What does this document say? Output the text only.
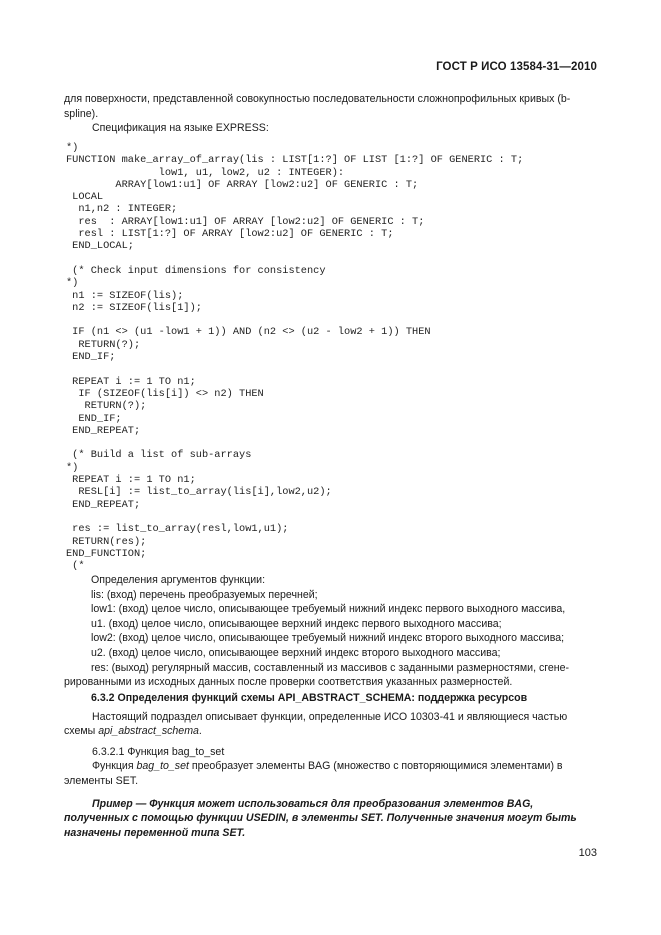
ГОСТ Р ИСО 13584-31—2010

для поверхности, представленной совокупностью последовательности сложнопрофильных кривых (b-spline).

Спецификация на языке EXPRESS:

*)
FUNCTION make_array_of_array(lis : LIST[1:?] OF LIST [1:?] OF GENERIC : T;
low1, u1, low2, u2 : INTEGER):
ARRAY[low1:u1] OF ARRAY [low2:u2] OF GENERIC : T;
LOCAL
n1,n2 : INTEGER;
res  : ARRAY[low1:u1] OF ARRAY [low2:u2] OF GENERIC : T;
resl : LIST[1:?] OF ARRAY [low2:u2] OF GENERIC : T;
END_LOCAL;

(* Check input dimensions for consistency
*)
n1 := SIZEOF(lis);
n2 := SIZEOF(lis[1]);

IF (n1 <> (u1 -low1 + 1)) AND (n2 <> (u2 - low2 + 1)) THEN
RETURN(?);
END_IF;

REPEAT i := 1 TO n1;
IF (SIZEOF(lis[i]) <> n2) THEN
RETURN(?);
END_IF;
END_REPEAT;

(* Build a list of sub-arrays
*)
REPEAT i := 1 TO n1;
RESL[i] := list_to_array(lis[i],low2,u2);
END_REPEAT;

res := list_to_array(resl,low1,u1);
RETURN(res);
END_FUNCTION;
(*

Определения аргументов функции:

lis: (вход) перечень преобразуемых перечней;

low1: (вход) целое число, описывающее требуемый нижний индекс первого выходного массива,

u1. (вход) целое число, описывающее верхний индекс первого выходного массива;

low2: (вход) целое число, описывающее требуемый нижний индекс второго выходного массива;

u2. (вход) целое число, описывающее верхний индекс второго выходного массива;

res: (выход) регулярный массив, составленный из массивов с заданными размерностями, сгене-

рированными из исходных данных после проверки соответствия указанных размерностей.

6.3.2 Определения функций схемы API_ABSTRACT_SCHEMA: поддержка ресурсов

Настоящий подраздел описывает функции, определенные ИСО 10303-41 и являющиеся частью схемы api_abstract_schema.

6.3.2.1 Функция bag_to_set

Функция bag_to_set преобразует элементы BAG (множество с повторяющимися элементами) в элементы SET.

Пример — Функция может использоваться для преобразования элементов BAG, полученных с помощью функции USEDIN, в элементы SET. Полученные значения могут быть назначены переменной типа SET.

103
